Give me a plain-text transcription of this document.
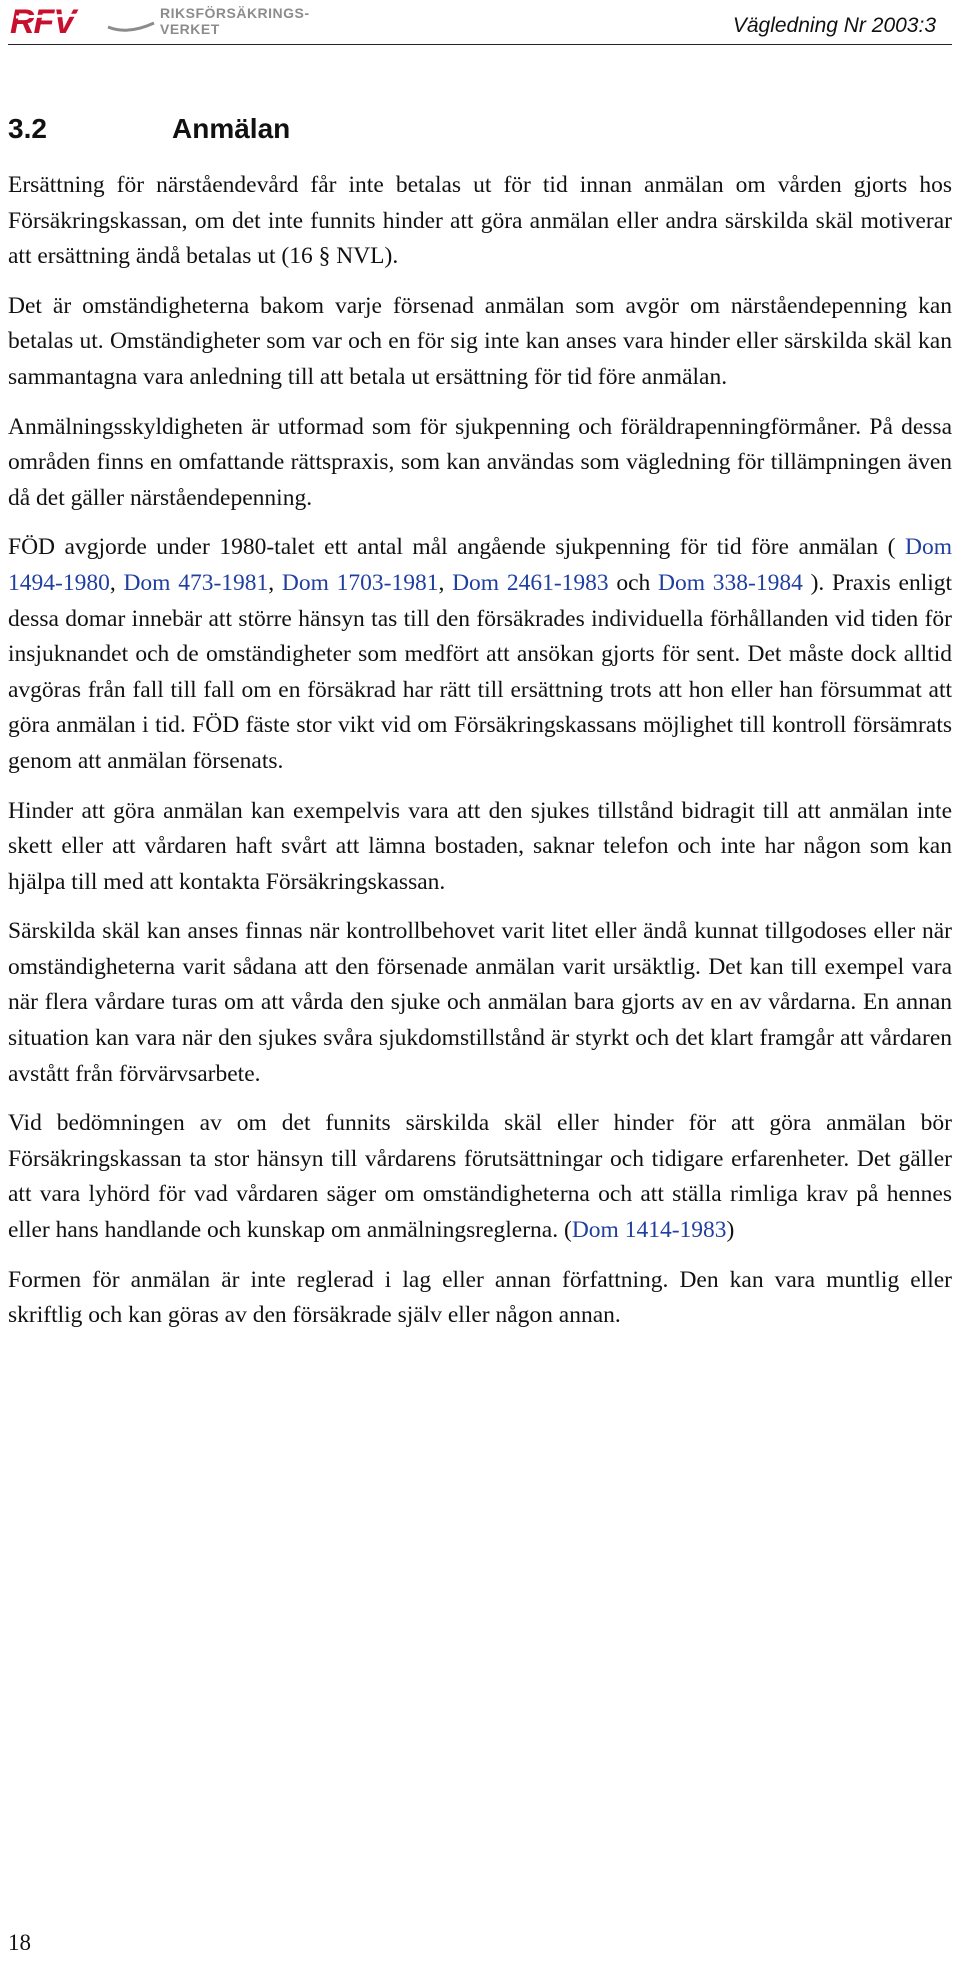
RFV	RIKSFÖRSÄKRINGS-
VERKET	Vägledning Nr 2003:3
3.2	Anmälan

Ersättning för närståendevård får inte betalas ut för tid innan anmälan om vården gjorts hos Försäkringskassan, om det inte funnits hinder att göra anmälan eller andra särskilda skäl motiverar att ersättning ändå betalas ut (16 § NVL).

Det är omständigheterna bakom varje försenad anmälan som avgör om närståendepenning kan betalas ut. Omständigheter som var och en för sig inte kan anses vara hinder eller särskilda skäl kan sammantagna vara anledning till att betala ut ersättning för tid före anmälan.

Anmälningsskyldigheten är utformad som för sjukpenning och föräldrapenningförmåner. På dessa områden finns en omfattande rättspraxis, som kan användas som vägledning för tillämpningen även då det gäller närståendepenning.

FÖD avgjorde under 1980-talet ett antal mål angående sjukpenning för tid före anmälan ( Dom 1494-1980, Dom 473-1981, Dom 1703-1981, Dom 2461-1983 och Dom 338-1984 ). Praxis enligt dessa domar innebär att större hänsyn tas till den försäkrades individuella förhållanden vid tiden för insjuknandet och de omständigheter som medfört att ansökan gjorts för sent. Det måste dock alltid avgöras från fall till fall om en försäkrad har rätt till ersättning trots att hon eller han försummat att göra anmälan i tid. FÖD fäste stor vikt vid om Försäkringskassans möjlighet till kontroll försämrats genom att anmälan försenats.

Hinder att göra anmälan kan exempelvis vara att den sjukes tillstånd bidragit till att anmälan inte skett eller att vårdaren haft svårt att lämna bostaden, saknar telefon och inte har någon som kan hjälpa till med att kontakta Försäkringskassan.

Särskilda skäl kan anses finnas när kontrollbehovet varit litet eller ändå kunnat tillgodoses eller när omständigheterna varit sådana att den försenade anmälan varit ursäktlig. Det kan till exempel vara när flera vårdare turas om att vårda den sjuke och anmälan bara gjorts av en av vårdarna. En annan situation kan vara när den sjukes svåra sjukdomstillstånd är styrkt och det klart framgår att vårdaren avstått från förvärvsarbete.

Vid bedömningen av om det funnits särskilda skäl eller hinder för att göra anmälan bör Försäkringskassan ta stor hänsyn till vårdarens förutsättningar och tidigare erfarenheter. Det gäller att vara lyhörd för vad vårdaren säger om omständigheterna och att ställa rimliga krav på hennes eller hans handlande och kunskap om anmälningsreglerna. (Dom 1414-1983)

Formen för anmälan är inte reglerad i lag eller annan författning. Den kan vara muntlig eller skriftlig och kan göras av den försäkrade själv eller någon annan.

18
